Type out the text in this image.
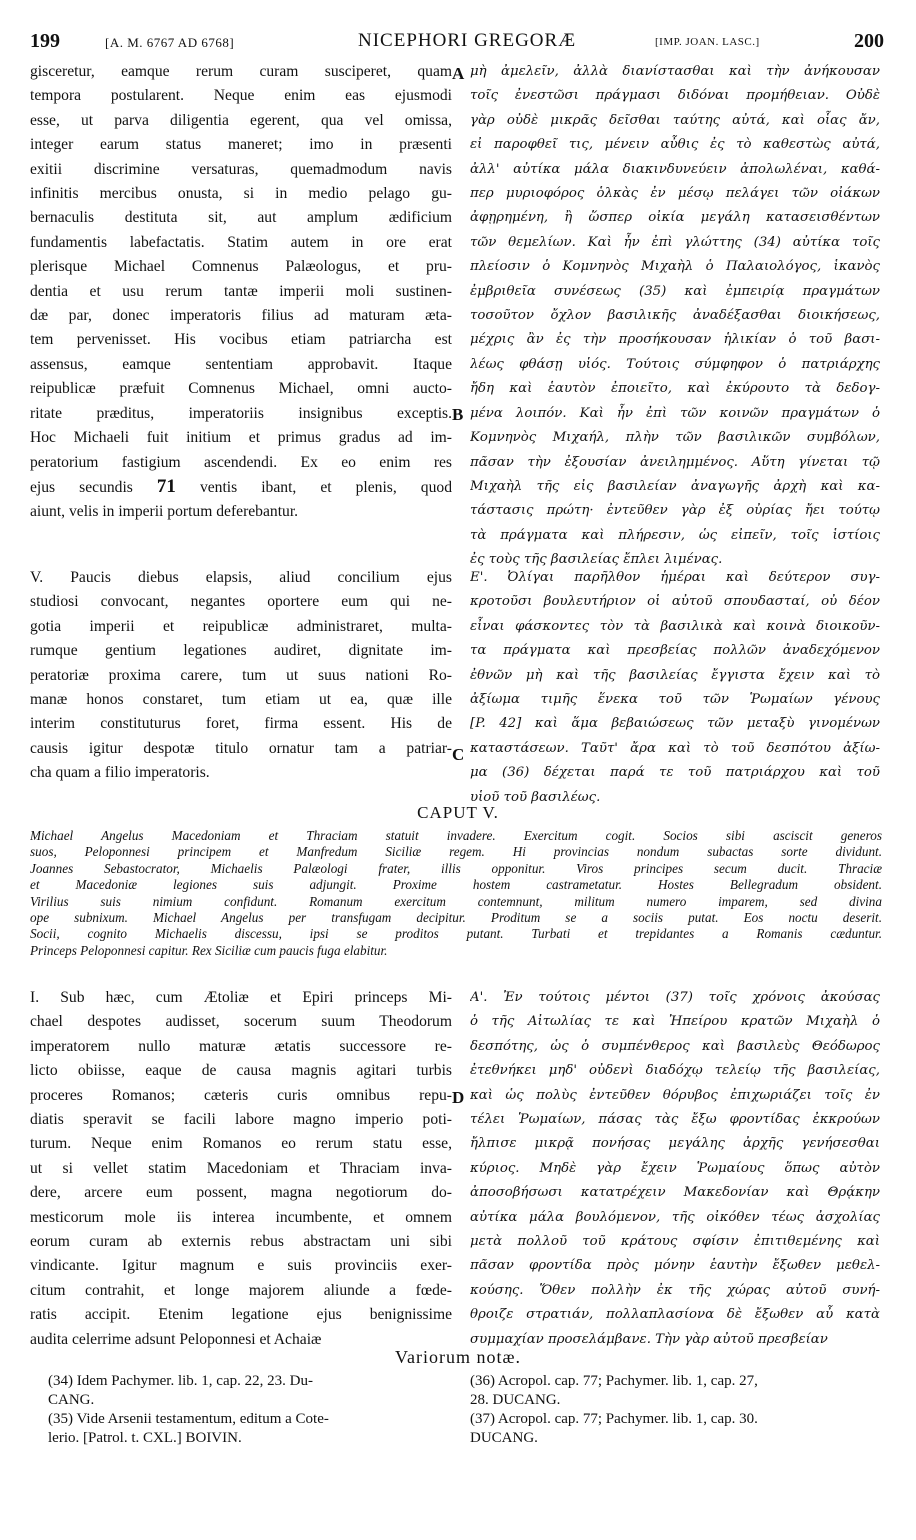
199	[A. M. 6767 AD 6768]	NICEPHORI GREGORÆ	[IMP. JOAN. LASC.]	200
gisceretur, eamque rerum curam susciperet, quam
tempora postularent. Neque enim eas ejusmodi
esse, ut parva diligentia egerent, qua vel omissa,
integer earum status maneret; imo in præsenti
exitii discrimine versaturas, quemadmodum navis
infinitis mercibus onusta, si in medio pelago gu-
bernaculis destituta sit, aut amplum ædificium
fundamentis labefactatis. Statim autem in ore erat
plerisque Michael Comnenus Palæologus, et pru-
dentia et usu rerum tantæ imperii moli sustinen-
dæ par, donec imperatoris filius ad maturam æta-
tem pervenisset. His vocibus etiam patriarcha est
assensus, eamque sententiam approbavit. Itaque
reipublicæ præfuit Comnenus Michael, omni aucto-
ritate præditus, imperatoriis insignibus exceptis.
Hoc Michaeli fuit initium et primus gradus ad im-
peratorium fastigium ascendendi. Ex eo enim res
ejus secundis 71 ventis ibant, et plenis, quod
aiunt, velis in imperii portum deferebantur.
μὴ ἀμελεῖν, ἀλλὰ διανίστασθαι καὶ τὴν ἀνήκουσαν
τοῖς ἐνεστῶσι πράγμασι διδόναι προμήθειαν. Οὐδὲ
γὰρ οὐδὲ μικρᾶς δεῖσθαι ταύτης αὐτά, καὶ οἷας ἄν,
εἰ παροφθεῖ τις, μένειν αὖθις ἐς τὸ καθεστὼς αὐτά,
ἀλλ' αὐτίκα μάλα διακινδυνεύειν ἀπολωλέναι, καθά-
περ μυριοφόρος ὁλκὰς ἐν μέσῳ πελάγει τῶν οἰάκων
ἀφῃρημένη, ἢ ὥσπερ οἰκία μεγάλη κατασεισθέντων
τῶν θεμελίων. Καὶ ἦν ἐπὶ γλώττης (34) αὐτίκα τοῖς
πλείοσιν ὁ Κομνηνὸς Μιχαὴλ ὁ Παλαιολόγος, ἱκανὸς
ἐμβριθεῖα συνέσεως (35) καὶ ἐμπειρίᾳ πραγμάτων
τοσοῦτον ὄχλον βασιλικῆς ἀναδέξασθαι διοικήσεως,
μέχρις ἂν ἐς τὴν προσήκουσαν ἡλικίαν ὁ τοῦ βασι-
λέως φθάσῃ υἱός. Τούτοις σύμφηφον ὁ πατριάρχης
ἤδη καὶ ἑαυτὸν ἐποιεῖτο, καὶ ἐκύρουτο τὰ δεδογ-
μένα λοιπόν. Καὶ ἦν ἐπὶ τῶν κοινῶν πραγμάτων ὁ
Κομνηνὸς Μιχαήλ, πλὴν τῶν βασιλικῶν συμβόλων,
πᾶσαν τὴν ἐξουσίαν ἀνειλημμένος. Αὕτη γίνεται τῷ
Μιχαὴλ τῆς εἰς βασιλείαν ἀναγωγῆς ἀρχὴ καὶ κα-
τάστασις πρώτη· ἐντεῦθεν γὰρ ἐξ οὐρίας ἤει τούτῳ
τὰ πράγματα καὶ πλήρεσιν, ὡς εἰπεῖν, τοῖς ἱστίοις
ἐς τοὺς τῆς βασιλείας ἔπλει λιμένας.
A
B
C
D
V. Paucis diebus elapsis, aliud concilium ejus
studiosi convocant, negantes oportere eum qui ne-
gotia imperii et reipublicæ administraret, multa-
rumque gentium legationes audiret, dignitate im-
peratoriæ proxima carere, tum ut suus nationi Ro-
manæ honos constaret, tum etiam ut ea, quæ ille
interim constituturus foret, firma essent. His de
causis igitur despotæ titulo ornatur tam a patriar-
cha quam a filio imperatoris.
Ε'. Ὀλίγαι παρῆλθον ἡμέραι καὶ δεύτερον συγ-
κροτοῦσι βουλευτήριον οἱ αὐτοῦ σπουδασταί, οὐ δέον
εἶναι φάσκοντες τὸν τὰ βασιλικὰ καὶ κοινὰ διοικοῦν-
τα πράγματα καὶ πρεσβείας πολλῶν ἀναδεχόμενον
ἐθνῶν μὴ καὶ τῆς βασιλείας ἔγγιστα ἔχειν καὶ τὸ
ἀξίωμα τιμῆς ἕνεκα τοῦ τῶν Ῥωμαίων γένους
[P. 42] καὶ ἅμα βεβαιώσεως τῶν μεταξὺ γινομένων
καταστάσεων. Ταῦτ' ἄρα καὶ τὸ τοῦ δεσπότου ἀξίω-
μα (36) δέχεται παρά τε τοῦ πατριάρχου καὶ τοῦ
υἱοῦ τοῦ βασιλέως.
CAPUT V.
Michael Angelus Macedoniam et Thraciam statuit invadere. Exercitum cogit. Socios sibi asciscit generos
suos, Peloponnesi principem et Manfredum Siciliæ regem. Hi provincias nondum subactas sorte dividunt.
Joannes Sebastocrator, Michaelis Palæologi frater, illis opponitur. Viros principes secum ducit. Thraciæ
et Macedoniæ legiones suis adjungit. Proxime hostem castrametatur. Hostes Bellegradum obsident.
Virilius suis nimium confidunt. Romanum exercitum contemnunt, militum numero imparem, sed divina
ope subnixum. Michael Angelus per transfugam decipitur. Proditum se a sociis putat. Eos noctu deserit.
Socii, cognito Michaelis discessu, ipsi se proditos putant. Turbati et trepidantes a Romanis cæduntur.
Princeps Peloponnesi capitur. Rex Siciliæ cum paucis fuga elabitur.
I. Sub hæc, cum Ætoliæ et Epiri princeps Mi-
chael despotes audisset, socerum suum Theodorum
imperatorem nullo maturæ ætatis successore re-
licto obiisse, eaque de causa magnis agitari turbis
proceres Romanos; cæteris curis omnibus repu-
diatis speravit se facili labore magno imperio poti-
turum. Neque enim Romanos eo rerum statu esse,
ut si vellet statim Macedoniam et Thraciam inva-
dere, arcere eum possent, magna negotiorum do-
mesticorum mole iis interea incumbente, et omnem
eorum curam ab externis rebus abstractam uni sibi
vindicante. Igitur magnum e suis provinciis exer-
citum contrahit, et longe majorem aliunde a fœde-
ratis accipit. Etenim legatione ejus benignissime
audita celerrime adsunt Peloponnesi et Achaiæ
Α'. Ἐν τούτοις μέντοι (37) τοῖς χρόνοις ἀκούσας
ὁ τῆς Αἰτωλίας τε καὶ Ἠπείρου κρατῶν Μιχαὴλ ὁ
δεσπότης, ὡς ὁ συμπένθερος καὶ βασιλεὺς Θεόδωρος
ἐτεθνήκει μηδ' οὐδενὶ διαδόχῳ τελείῳ τῆς βασιλείας,
καὶ ὡς πολὺς ἐντεῦθεν θόρυβος ἐπιχωριάζει τοῖς ἐν
τέλει Ῥωμαίων, πάσας τὰς ἔξω φροντίδας ἐκκρούων
ἤλπισε μικρᾷ πονήσας μεγάλης ἀρχῆς γενήσεσθαι
κύριος. Μηδὲ γὰρ ἔχειν Ῥωμαίους ὅπως αὐτὸν
ἀποσοβήσωσι κατατρέχειν Μακεδονίαν καὶ Θρᾴκην
αὐτίκα μάλα βουλόμενον, τῆς οἰκόθεν τέως ἀσχολίας
μετὰ πολλοῦ τοῦ κράτους σφίσιν ἐπιτιθεμένης καὶ
πᾶσαν φροντίδα πρὸς μόνην ἑαυτὴν ἔξωθεν μεθελ-
κούσης. Ὅθεν πολλὴν ἐκ τῆς χώρας αὐτοῦ συνή-
θροιζε στρατιάν, πολλαπλασίονα δὲ ἔξωθεν αὖ κατὰ
συμμαχίαν προσελάμβανε. Τὴν γὰρ αὐτοῦ πρεσβείαν
Variorum notæ.
(34) Idem Pachymer. lib. 1, cap. 22, 23. Du-
CANG.
(35) Vide Arsenii testamentum, editum a Cote-
lerio. [Patrol. t. CXL.] BOIVIN.
(36) Acropol. cap. 77; Pachymer. lib. 1, cap. 27,
28. DUCANG.
(37) Acropol. cap. 77; Pachymer. lib. 1, cap. 30.
DUCANG.
